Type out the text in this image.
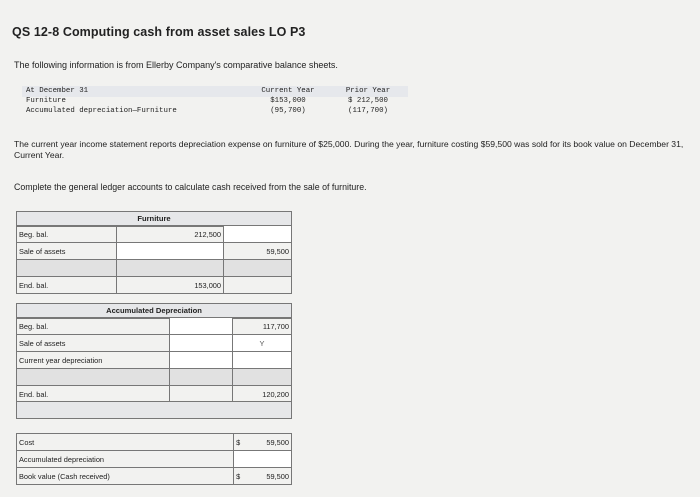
QS 12-8 Computing cash from asset sales LO P3
The following information is from Ellerby Company's comparative balance sheets.
At December 31	Current Year	Prior Year
Furniture	$153,000	$ 212,500
Accumulated depreciation—Furniture	(95,700)	(117,700)
The current year income statement reports depreciation expense on furniture of $25,000. During the year, furniture costing $59,500 was sold for its book value on December 31, Current Year.
Complete the general ledger accounts to calculate cash received from the sale of furniture.
Furniture
Beg. bal.	212,500	
Sale of assets		59,500

End. bal.	153,000	
Accumulated Depreciation
Beg. bal.		117,700
Sale of assets		Y
Current year depreciation		

End. bal.		120,200
Cost	$ 59,500
Accumulated depreciation	
Book value (Cash received)	$ 59,500
